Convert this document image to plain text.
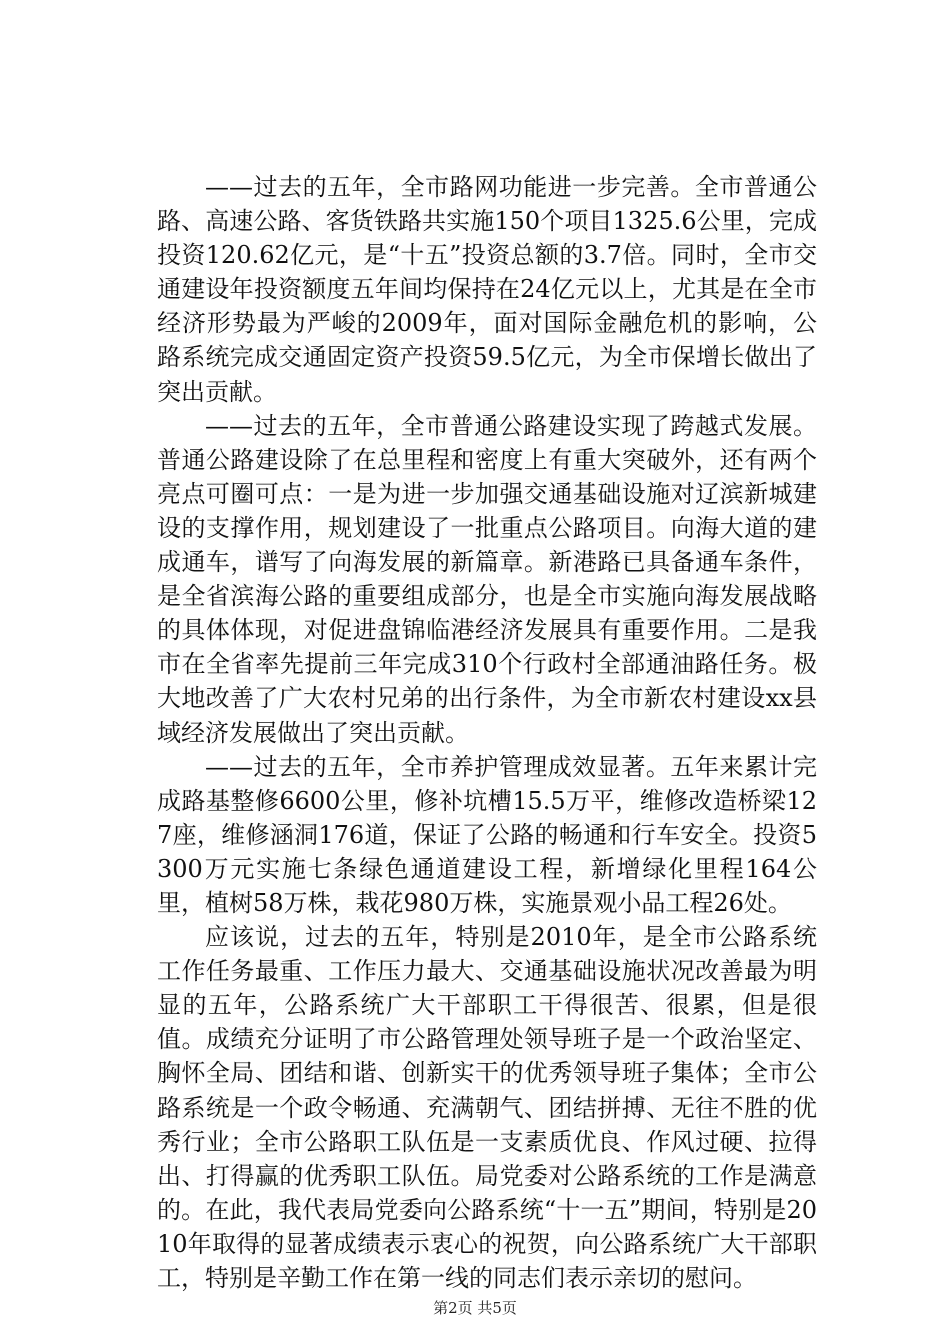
——过去的五年，全市路网功能进一步完善。全市普通公路、高速公路、客货铁路共实施150个项目1325.6公里，完成投资120.62亿元，是“十五”投资总额的3.7倍。同时，全市交通建设年投资额度五年间均保持在24亿元以上，尤其是在全市经济形势最为严峻的2009年，面对国际金融危机的影响，公路系统完成交通固定资产投资59.5亿元，为全市保增长做出了突出贡献。

——过去的五年，全市普通公路建设实现了跨越式发展。普通公路建设除了在总里程和密度上有重大突破外，还有两个亮点可圈可点：一是为进一步加强交通基础设施对辽滨新城建设的支撑作用，规划建设了一批重点公路项目。向海大道的建成通车，谱写了向海发展的新篇章。新港路已具备通车条件，是全省滨海公路的重要组成部分，也是全市实施向海发展战略的具体体现，对促进盘锦临港经济发展具有重要作用。二是我市在全省率先提前三年完成310个行政村全部通油路任务。极大地改善了广大农村兄弟的出行条件，为全市新农村建设xx县域经济发展做出了突出贡献。

——过去的五年，全市养护管理成效显著。五年来累计完成路基整修6600公里，修补坑槽15.5万平，维修改造桥梁127座，维修涵洞176道，保证了公路的畅通和行车安全。投资5300万元实施七条绿色通道建设工程，新增绿化里程164公里，植树58万株，栽花980万株，实施景观小品工程26处。

应该说，过去的五年，特别是2010年，是全市公路系统工作任务最重、工作压力最大、交通基础设施状况改善最为明显的五年，公路系统广大干部职工干得很苦、很累，但是很值。成绩充分证明了市公路管理处领导班子是一个政治坚定、胸怀全局、团结和谐、创新实干的优秀领导班子集体；全市公路系统是一个政令畅通、充满朝气、团结拼搏、无往不胜的优秀行业；全市公路职工队伍是一支素质优良、作风过硬、拉得出、打得赢的优秀职工队伍。局党委对公路系统的工作是满意的。在此，我代表局党委向公路系统“十一五”期间，特别是2010年取得的显著成绩表示衷心的祝贺，向公路系统广大干部职工，特别是辛勤工作在第一线的同志们表示亲切的慰问。

第2页 共5页
